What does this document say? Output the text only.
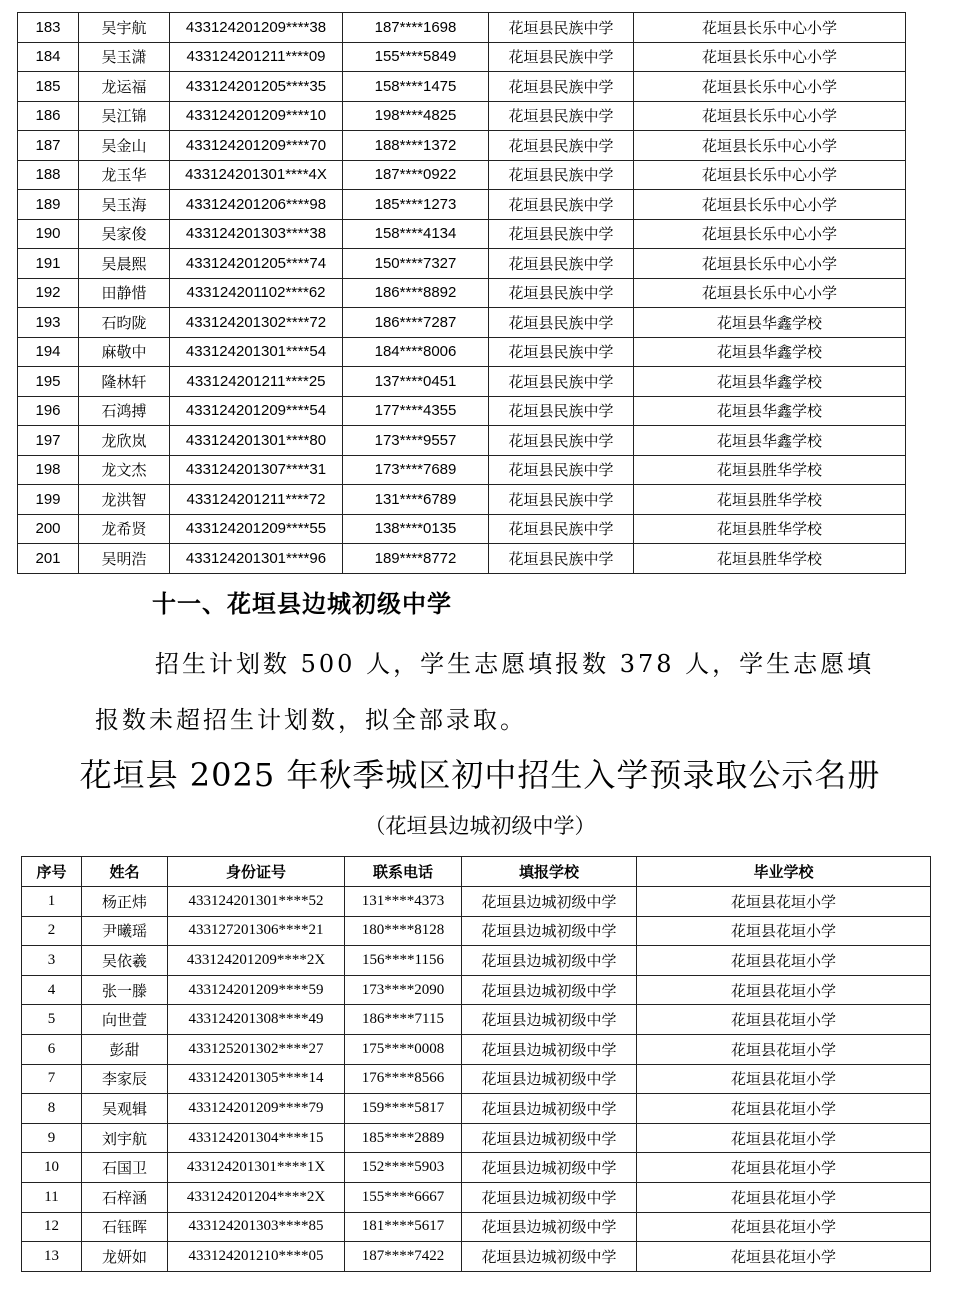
183	吴宇航	433124201209****38	187****1698	花垣县民族中学	花垣县长乐中心小学
184	吴玉潇	433124201211****09	155****5849	花垣县民族中学	花垣县长乐中心小学
185	龙运福	433124201205****35	158****1475	花垣县民族中学	花垣县长乐中心小学
186	吴江锦	433124201209****10	198****4825	花垣县民族中学	花垣县长乐中心小学
187	吴金山	433124201209****70	188****1372	花垣县民族中学	花垣县长乐中心小学
188	龙玉华	433124201301****4X	187****0922	花垣县民族中学	花垣县长乐中心小学
189	吴玉海	433124201206****98	185****1273	花垣县民族中学	花垣县长乐中心小学
190	吴家俊	433124201303****38	158****4134	花垣县民族中学	花垣县长乐中心小学
191	吴晨熙	433124201205****74	150****7327	花垣县民族中学	花垣县长乐中心小学
192	田静惜	433124201102****62	186****8892	花垣县民族中学	花垣县长乐中心小学
193	石昀陇	433124201302****72	186****7287	花垣县民族中学	花垣县华鑫学校
194	麻敬中	433124201301****54	184****8006	花垣县民族中学	花垣县华鑫学校
195	隆林轩	433124201211****25	137****0451	花垣县民族中学	花垣县华鑫学校
196	石鸿搏	433124201209****54	177****4355	花垣县民族中学	花垣县华鑫学校
197	龙欣岚	433124201301****80	173****9557	花垣县民族中学	花垣县华鑫学校
198	龙文杰	433124201307****31	173****7689	花垣县民族中学	花垣县胜华学校
199	龙洪智	433124201211****72	131****6789	花垣县民族中学	花垣县胜华学校
200	龙希贤	433124201209****55	138****0135	花垣县民族中学	花垣县胜华学校
201	吴明浩	433124201301****96	189****8772	花垣县民族中学	花垣县胜华学校
十一、花垣县边城初级中学

招生计划数 500 人，学生志愿填报数 378 人，学生志愿填报数未超招生计划数，拟全部录取。

花垣县 2025 年秋季城区初中招生入学预录取公示名册
（花垣县边城初级中学）
序号	姓名	身份证号	联系电话	填报学校	毕业学校
1	杨正炜	433124201301****52	131****4373	花垣县边城初级中学	花垣县花垣小学
2	尹曦瑶	433127201306****21	180****8128	花垣县边城初级中学	花垣县花垣小学
3	吴依羲	433124201209****2X	156****1156	花垣县边城初级中学	花垣县花垣小学
4	张一滕	433124201209****59	173****2090	花垣县边城初级中学	花垣县花垣小学
5	向世萱	433124201308****49	186****7115	花垣县边城初级中学	花垣县花垣小学
6	彭甜	433125201302****27	175****0008	花垣县边城初级中学	花垣县花垣小学
7	李家辰	433124201305****14	176****8566	花垣县边城初级中学	花垣县花垣小学
8	吴观辑	433124201209****79	159****5817	花垣县边城初级中学	花垣县花垣小学
9	刘宇航	433124201304****15	185****2889	花垣县边城初级中学	花垣县花垣小学
10	石国卫	433124201301****1X	152****5903	花垣县边城初级中学	花垣县花垣小学
11	石梓涵	433124201204****2X	155****6667	花垣县边城初级中学	花垣县花垣小学
12	石钰晖	433124201303****85	181****5617	花垣县边城初级中学	花垣县花垣小学
13	龙妍如	433124201210****05	187****7422	花垣县边城初级中学	花垣县花垣小学
